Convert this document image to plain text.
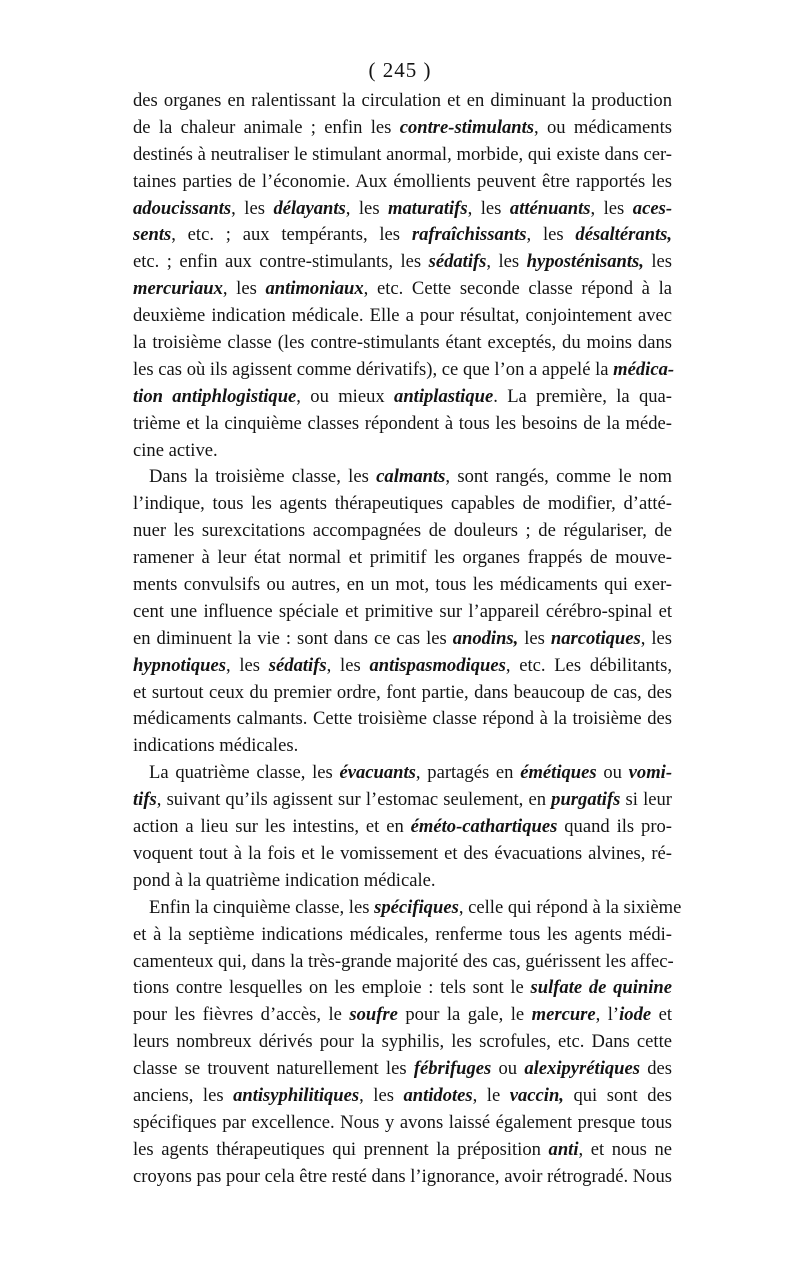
( 245 )
des organes en ralentissant la circulation et en diminuant la production
de la chaleur animale ; enfin les contre-stimulants, ou médicaments
destinés à neutraliser le stimulant anormal, morbide, qui existe dans cer-
taines parties de l’économie. Aux émollients peuvent être rapportés les
adoucissants, les délayants, les maturatifs, les atténuants, les aces-
sents, etc. ; aux tempérants, les rafraîchissants, les désaltérants,
etc. ; enfin aux contre-stimulants, les sédatifs, les hyposténisants, les
mercuriaux, les antimoniaux, etc. Cette seconde classe répond à la
deuxième indication médicale. Elle a pour résultat, conjointement avec
la troisième classe (les contre-stimulants étant exceptés, du moins dans
les cas où ils agissent comme dérivatifs), ce que l’on a appelé la médica-
tion antiphlogistique, ou mieux antiplastique. La première, la qua-
trième et la cinquième classes répondent à tous les besoins de la méde-
cine active.
Dans la troisième classe, les calmants, sont rangés, comme le nom
l’indique, tous les agents thérapeutiques capables de modifier, d’atté-
nuer les surexcitations accompagnées de douleurs ; de régulariser, de
ramener à leur état normal et primitif les organes frappés de mouve-
ments convulsifs ou autres, en un mot, tous les médicaments qui exer-
cent une influence spéciale et primitive sur l’appareil cérébro-spinal et
en diminuent la vie : sont dans ce cas les anodins, les narcotiques, les
hypnotiques, les sédatifs, les antispasmodiques, etc. Les débilitants,
et surtout ceux du premier ordre, font partie, dans beaucoup de cas, des
médicaments calmants. Cette troisième classe répond à la troisième des
indications médicales.
La quatrième classe, les évacuants, partagés en émétiques ou vomi-
tifs, suivant qu’ils agissent sur l’estomac seulement, en purgatifs si leur
action a lieu sur les intestins, et en éméto-cathartiques quand ils pro-
voquent tout à la fois et le vomissement et des évacuations alvines, ré-
pond à la quatrième indication médicale.
Enfin la cinquième classe, les spécifiques, celle qui répond à la sixième
et à la septième indications médicales, renferme tous les agents médi-
camenteux qui, dans la très-grande majorité des cas, guérissent les affec-
tions contre lesquelles on les emploie : tels sont le sulfate de quinine
pour les fièvres d’accès, le soufre pour la gale, le mercure, l’iode et
leurs nombreux dérivés pour la syphilis, les scrofules, etc. Dans cette
classe se trouvent naturellement les fébrifuges ou alexipyrétiques des
anciens, les antisyphilitiques, les antidotes, le vaccin, qui sont des
spécifiques par excellence. Nous y avons laissé également presque tous
les agents thérapeutiques qui prennent la préposition anti, et nous ne
croyons pas pour cela être resté dans l’ignorance, avoir rétrogradé. Nous
